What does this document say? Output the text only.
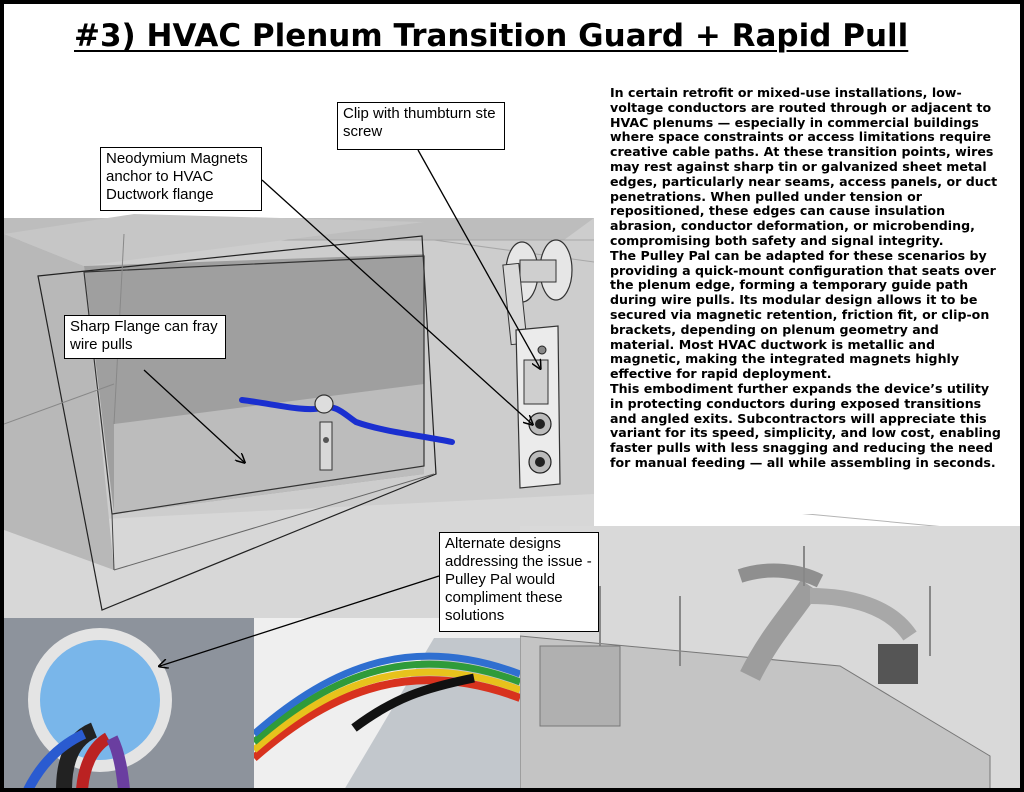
#3) HVAC Plenum Transition Guard + Rapid Pull

In certain retrofit or mixed-use installations, low-voltage conductors are routed through or adjacent to HVAC plenums — especially in commercial buildings where space constraints or access limitations require creative cable paths. At these transition points, wires may rest against sharp tin or galvanized sheet metal edges, particularly near seams, access panels, or duct penetrations. When pulled under tension or repositioned, these edges can cause insulation abrasion, conductor deformation, or microbending, compromising both safety and signal integrity.

The Pulley Pal can be adapted for these scenarios by providing a quick-mount configuration that seats over the plenum edge, forming a temporary guide path during wire pulls. Its modular design allows it to be secured via magnetic retention, friction fit, or clip-on brackets, depending on plenum geometry and material. Most HVAC ductwork is metallic and magnetic, making the integrated magnets highly effective for rapid deployment.

This embodiment further expands the device’s utility in protecting conductors during exposed transitions and angled exits. Subcontractors will appreciate this variant for its speed, simplicity, and low cost, enabling faster pulls with less snagging and reducing the need for manual feeding — all while assembling in seconds.

Neodymium Magnets anchor to HVAC Ductwork flange
Clip with thumbturn ste screw
Sharp Flange can fray wire pulls
Alternate designs addressing the issue - Pulley Pal would compliment these solutions
